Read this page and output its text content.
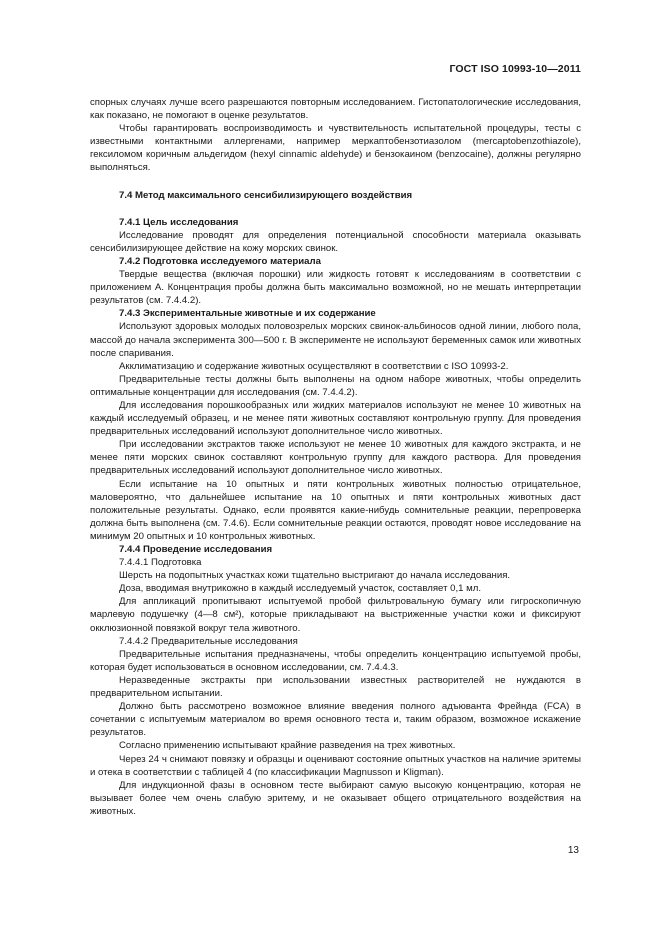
ГОСТ ISO 10993-10—2011

спорных случаях лучше всего разрешаются повторным исследованием. Гистопатологические исследования, как показано, не помогают в оценке результатов.

Чтобы гарантировать воспроизводимость и чувствительность испытательной процедуры, тесты с известными контактными аллергенами, например меркаптобензотиазолом (mercaptobenzothiazole), гексиломом коричным альдегидом (hexyl cinnamic aldehyde) и бензокаином (benzocaine), должны регулярно выполняться.

7.4 Метод максимального сенсибилизирующего воздействия

7.4.1 Цель исследования

Исследование проводят для определения потенциальной способности материала оказывать сенсибилизирующее действие на кожу морских свинок.

7.4.2 Подготовка исследуемого материала

Твердые вещества (включая порошки) или жидкость готовят к исследованиям в соответствии с приложением А. Концентрация пробы должна быть максимально возможной, но не мешать интерпретации результатов (см. 7.4.4.2).

7.4.3 Экспериментальные животные и их содержание

Используют здоровых молодых половозрелых морских свинок-альбиносов одной линии, любого пола, массой до начала эксперимента 300—500 г. В эксперименте не используют беременных самок или животных после спаривания.

Акклиматизацию и содержание животных осуществляют в соответствии с ISO 10993-2.

Предварительные тесты должны быть выполнены на одном наборе животных, чтобы определить оптимальные концентрации для исследования (см. 7.4.4.2).

Для исследования порошкообразных или жидких материалов используют не менее 10 животных на каждый исследуемый образец, и не менее пяти животных составляют контрольную группу. Для проведения предварительных исследований используют дополнительное число животных.

При исследовании экстрактов также используют не менее 10 животных для каждого экстракта, и не менее пяти морских свинок составляют контрольную группу для каждого раствора. Для проведения предварительных исследований используют дополнительное число животных.

Если испытание на 10 опытных и пяти контрольных животных полностью отрицательное, маловероятно, что дальнейшее испытание на 10 опытных и пяти контрольных животных даст положительные результаты. Однако, если проявятся какие-нибудь сомнительные реакции, перепроверка должна быть выполнена (см. 7.4.6). Если сомнительные реакции остаются, проводят новое исследование на минимум 20 опытных и 10 контрольных животных.

7.4.4 Проведение исследования

7.4.4.1 Подготовка

Шерсть на подопытных участках кожи тщательно выстригают до начала исследования.

Доза, вводимая внутрикожно в каждый исследуемый участок, составляет 0,1 мл.

Для аппликаций пропитывают испытуемой пробой фильтровальную бумагу или гигроскопичную марлевую подушечку (4—8 см²), которые прикладывают на выстриженные участки кожи и фиксируют окклюзионной повязкой вокруг тела животного.

7.4.4.2 Предварительные исследования

Предварительные испытания предназначены, чтобы определить концентрацию испытуемой пробы, которая будет использоваться в основном исследовании, см. 7.4.4.3.

Неразведенные экстракты при использовании известных растворителей не нуждаются в предварительном испытании.

Должно быть рассмотрено возможное влияние введения полного адъюванта Фрейнда (FCA) в сочетании с испытуемым материалом во время основного теста и, таким образом, возможное искажение результатов.

Согласно применению испытывают крайние разведения на трех животных.

Через 24 ч снимают повязку и образцы и оценивают состояние опытных участков на наличие эритемы и отека в соответствии с таблицей 4 (по классификации Magnusson и Kligman).

Для индукционной фазы в основном тесте выбирают самую высокую концентрацию, которая не вызывает более чем очень слабую эритему, и не оказывает общего отрицательного воздействия на животных.

13
